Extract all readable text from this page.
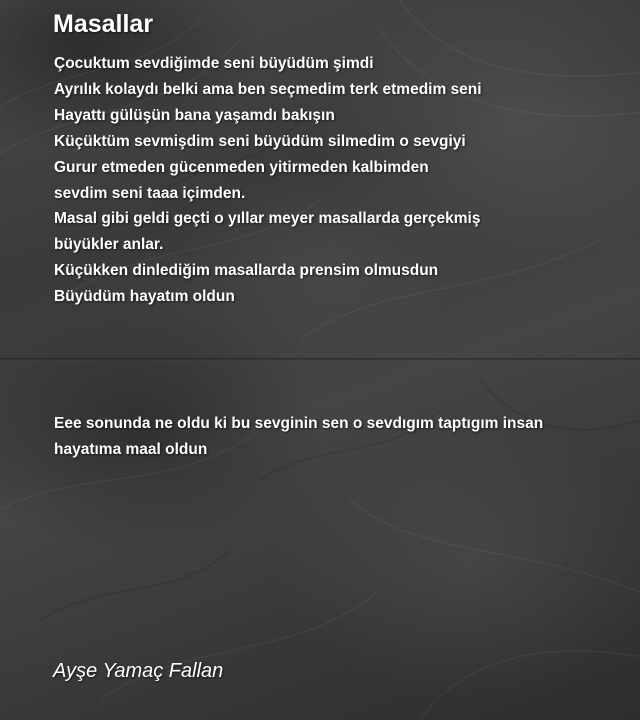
Masallar

Çocuktum sevdiğimde seni büyüdüm şimdi
Ayrılık kolaydı belki ama ben seçmedim terk etmedim seni
Hayattı gülüşün bana yaşamdı bakışın
Küçüktüm sevmişdim seni büyüdüm silmedim o sevgiyi
Gurur etmeden gücenmeden yitirmeden kalbimden
sevdim seni taaa içimden.
Masal gibi geldi geçti o yıllar meyer masallarda gerçekmiş
büyükler anlar.
Küçükken dinlediğim masallarda prensim olmusdun
Büyüdüm hayatım oldun

Eee sonunda ne oldu ki bu sevginin sen o sevdıgım taptıgım insan
hayatıma maal oldun

Ayşe Yamaç Fallan
